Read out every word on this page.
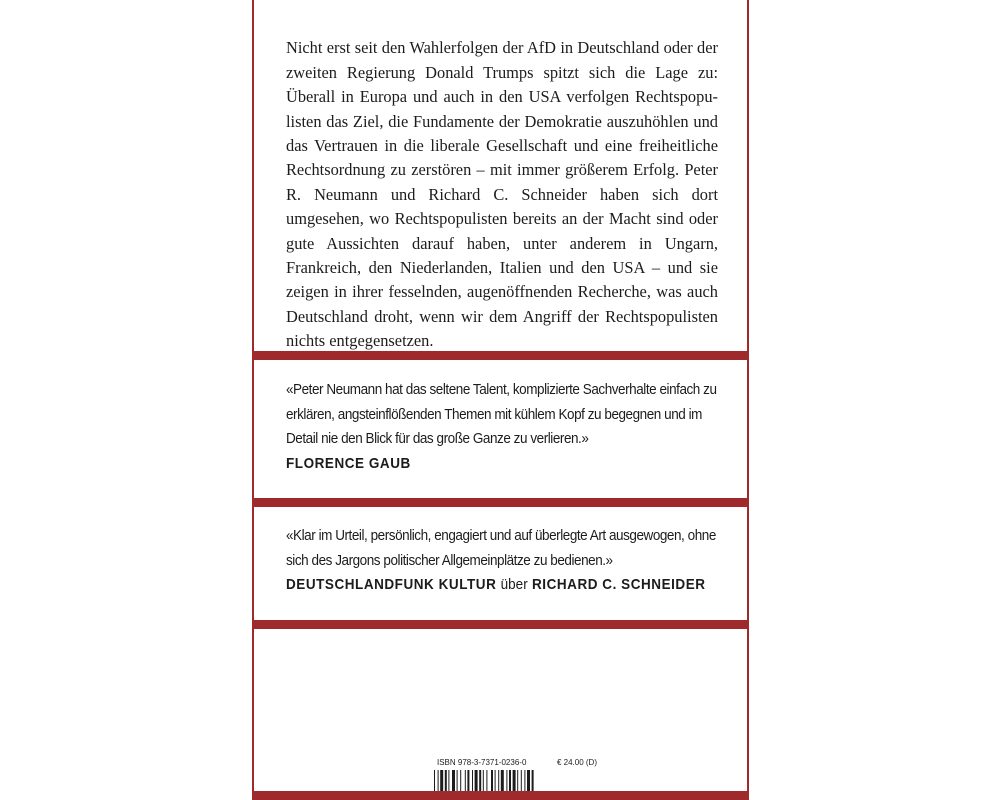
Nicht erst seit den Wahlerfolgen der AfD in Deutschland oder der zweiten Regierung Donald Trumps spitzt sich die Lage zu: Überall in Europa und auch in den USA verfolgen Rechtspopulisten das Ziel, die Fundamente der Demokratie auszuhöhlen und das Vertrauen in die liberale Gesellschaft und eine freiheitliche Rechtsordnung zu zerstören – mit immer größerem Erfolg. Peter R. Neumann und Richard C. Schneider haben sich dort umgesehen, wo Rechtspopulisten bereits an der Macht sind oder gute Aussichten darauf haben, unter anderem in Ungarn, Frankreich, den Niederlanden, Italien und den USA – und sie zeigen in ihrer fesselnden, augenöffnenden Recherche, was auch Deutschland droht, wenn wir dem Angriff der Rechtspopulisten nichts entgegensetzen.

«Peter Neumann hat das seltene Talent, komplizierte Sachverhalte einfach zu erklären, angsteinflößenden Themen mit kühlem Kopf zu begegnen und im Detail nie den Blick für das große Ganze zu verlieren.»

FLORENCE GAUB

«Klar im Urteil, persönlich, engagiert und auf überlegte Art ausgewogen, ohne sich des Jargons politischer Allgemeinplätze zu bedienen.»

DEUTSCHLANDFUNK KULTUR über RICHARD C. SCHNEIDER

ISBN 978-3-7371-0236-0	€ 24.00 (D)
